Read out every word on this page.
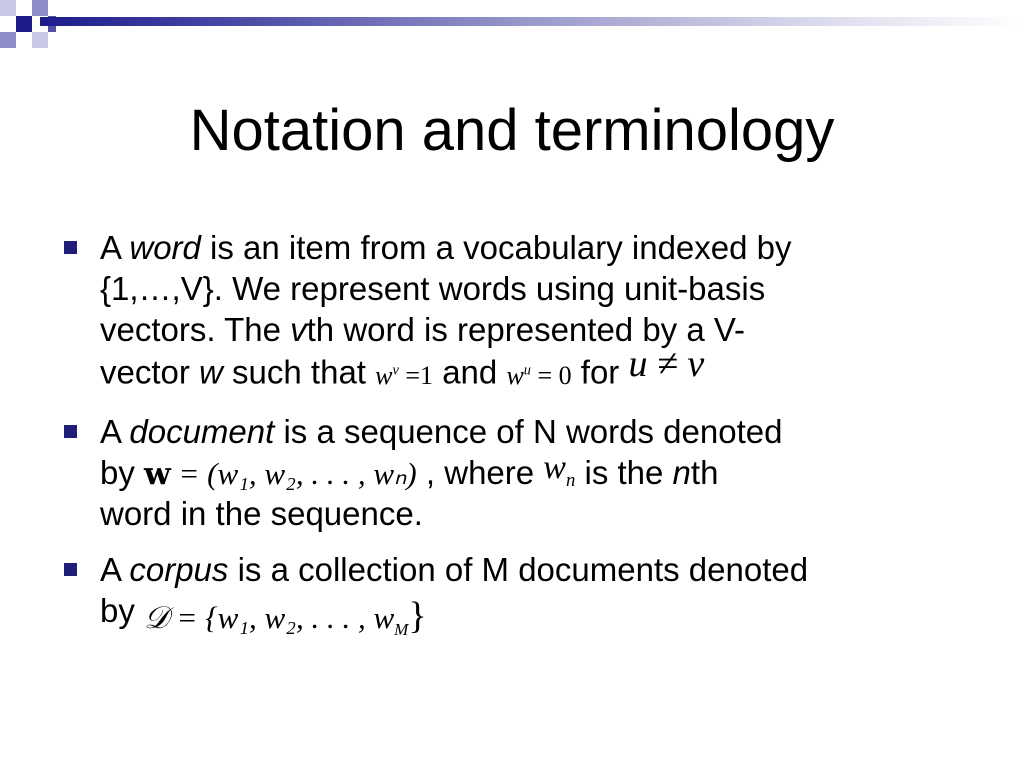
Notation and terminology
A word is an item from a vocabulary indexed by
{1,…,V}. We represent words using unit-basis
vectors. The vth word is represented by a V-
vector w such that $w^v =1$ and $w^u = 0$ for u ≠ v
A document is a sequence of N words denoted
by w = (w₁, w₂, . . . , wₙ) , where $w_n$ is the nth
word in the sequence.
A corpus is a collection of M documents denoted
by 𝒟 = {w₁, w₂, . . . , $w_M$}
